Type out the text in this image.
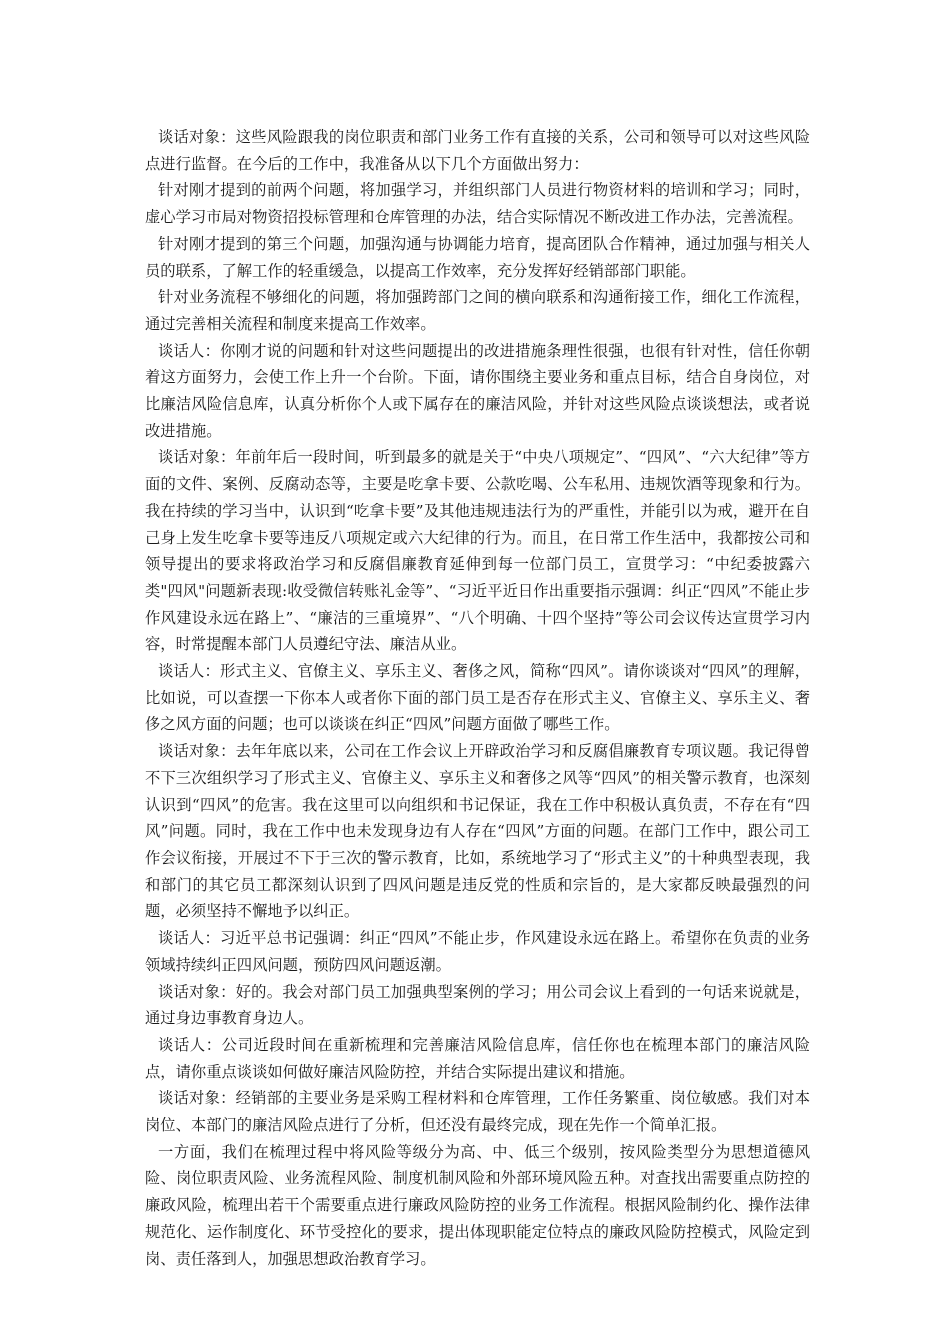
谈话对象：这些风险跟我的岗位职责和部门业务工作有直接的关系，公司和领导可以对这些风险点进行监督。在今后的工作中，我准备从以下几个方面做出努力：

针对刚才提到的前两个问题，将加强学习，并组织部门人员进行物资材料的培训和学习；同时，虚心学习市局对物资招投标管理和仓库管理的办法，结合实际情况不断改进工作办法，完善流程。

针对刚才提到的第三个问题，加强沟通与协调能力培育，提高团队合作精神，通过加强与相关人员的联系，了解工作的轻重缓急，以提高工作效率，充分发挥好经销部部门职能。

针对业务流程不够细化的问题，将加强跨部门之间的横向联系和沟通衔接工作，细化工作流程，通过完善相关流程和制度来提高工作效率。

谈话人：你刚才说的问题和针对这些问题提出的改进措施条理性很强，也很有针对性，信任你朝着这方面努力，会使工作上升一个台阶。下面，请你围绕主要业务和重点目标，结合自身岗位，对比廉洁风险信息库，认真分析你个人或下属存在的廉洁风险，并针对这些风险点谈谈想法，或者说改进措施。

谈话对象：年前年后一段时间，听到最多的就是关于“中央八项规定”、“四风”、“六大纪律”等方面的文件、案例、反腐动态等，主要是吃拿卡要、公款吃喝、公车私用、违规饮酒等现象和行为。我在持续的学习当中，认识到“吃拿卡要”及其他违规违法行为的严重性，并能引以为戒，避开在自己身上发生吃拿卡要等违反八项规定或六大纪律的行为。而且，在日常工作生活中，我都按公司和领导提出的要求将政治学习和反腐倡廉教育延伸到每一位部门员工，宣贯学习：“中纪委披露六类"四风"问题新表现:收受微信转账礼金等”、“习近平近日作出重要指示强调：纠正“四风”不能止步　作风建设永远在路上”、“廉洁的三重境界”、“八个明确、十四个坚持”等公司会议传达宣贯学习内容，时常提醒本部门人员遵纪守法、廉洁从业。

谈话人：形式主义、官僚主义、享乐主义、奢侈之风，简称“四风”。请你谈谈对“四风”的理解，比如说，可以查摆一下你本人或者你下面的部门员工是否存在形式主义、官僚主义、享乐主义、奢侈之风方面的问题；也可以谈谈在纠正“四风”问题方面做了哪些工作。

谈话对象：去年年底以来，公司在工作会议上开辟政治学习和反腐倡廉教育专项议题。我记得曾不下三次组织学习了形式主义、官僚主义、享乐主义和奢侈之风等“四风”的相关警示教育，也深刻认识到“四风”的危害。我在这里可以向组织和书记保证，我在工作中积极认真负责，不存在有“四风”问题。同时，我在工作中也未发现身边有人存在“四风”方面的问题。在部门工作中，跟公司工作会议衔接，开展过不下于三次的警示教育，比如，系统地学习了“形式主义”的十种典型表现，我和部门的其它员工都深刻认识到了四风问题是违反党的性质和宗旨的，是大家都反映最强烈的问题，必须坚持不懈地予以纠正。

谈话人：习近平总书记强调：纠正“四风”不能止步，作风建设永远在路上。希望你在负责的业务领域持续纠正四风问题，预防四风问题返潮。

谈话对象：好的。我会对部门员工加强典型案例的学习；用公司会议上看到的一句话来说就是，通过身边事教育身边人。

谈话人：公司近段时间在重新梳理和完善廉洁风险信息库，信任你也在梳理本部门的廉洁风险点，请你重点谈谈如何做好廉洁风险防控，并结合实际提出建议和措施。

谈话对象：经销部的主要业务是采购工程材料和仓库管理，工作任务繁重、岗位敏感。我们对本岗位、本部门的廉洁风险点进行了分析，但还没有最终完成，现在先作一个简单汇报。

一方面，我们在梳理过程中将风险等级分为高、中、低三个级别，按风险类型分为思想道德风险、岗位职责风险、业务流程风险、制度机制风险和外部环境风险五种。对查找出需要重点防控的廉政风险，梳理出若干个需要重点进行廉政风险防控的业务工作流程。根据风险制约化、操作法律规范化、运作制度化、环节受控化的要求，提出体现职能定位特点的廉政风险防控模式，风险定到岗、责任落到人，加强思想政治教育学习。
